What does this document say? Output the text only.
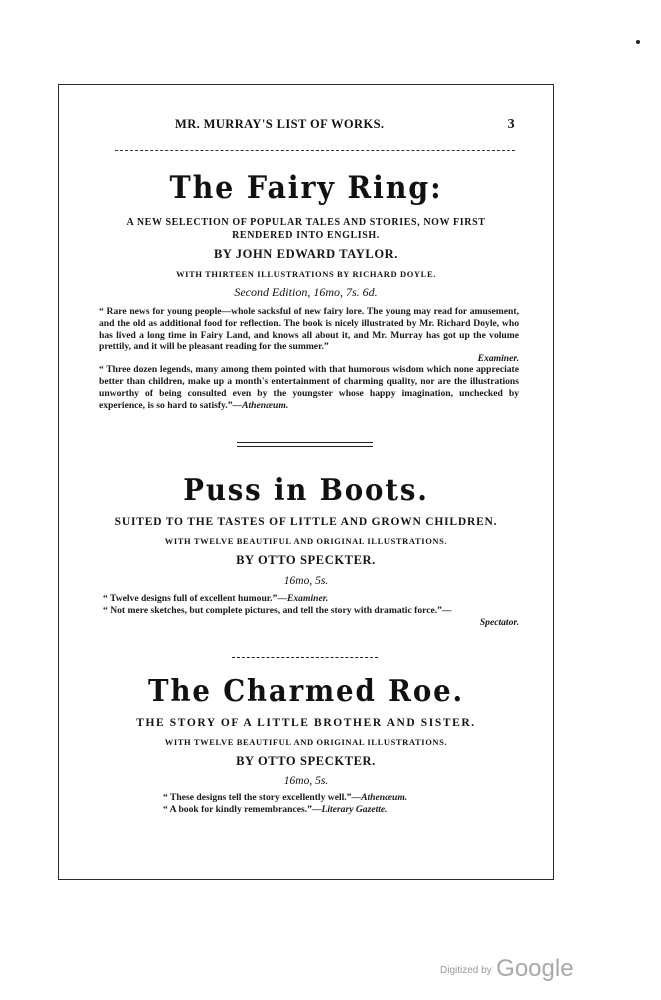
MR. MURRAY'S LIST OF WORKS.	3
The Fairy Ring:
A NEW SELECTION OF POPULAR TALES AND STORIES, NOW FIRST
RENDERED INTO ENGLISH.
BY JOHN EDWARD TAYLOR.
WITH THIRTEEN ILLUSTRATIONS BY RICHARD DOYLE.
Second Edition, 16mo, 7s. 6d.
“ Rare news for young people—whole sacksful of new fairy lore. The young may read for amusement, and the old as additional food for reflection. The book is nicely illustrated by Mr. Richard Doyle, who has lived a long time in Fairy Land, and knows all about it, and Mr. Murray has got up the volume prettily, and it will be pleasant reading for the summer.”
Examiner.
“ Three dozen legends, many among them pointed with that humorous wisdom which none appreciate better than children, make up a month's entertainment of charming quality, nor are the illustrations unworthy of being consulted even by the youngster whose happy imagination, unchecked by experience, is so hard to satisfy.”—Athenæum.
Puss in Boots.
SUITED TO THE TASTES OF LITTLE AND GROWN CHILDREN.
WITH TWELVE BEAUTIFUL AND ORIGINAL ILLUSTRATIONS.
BY OTTO SPECKTER.
16mo, 5s.
“ Twelve designs full of excellent humour.”—Examiner.
“ Not mere sketches, but complete pictures, and tell the story with dramatic force.”—
Spectator.
The Charmed Roe.
THE STORY OF A LITTLE BROTHER AND SISTER.
WITH TWELVE BEAUTIFUL AND ORIGINAL ILLUSTRATIONS.
BY OTTO SPECKTER.
16mo, 5s.
“ These designs tell the story excellently well.”—Athenæum.
“ A book for kindly remembrances.”—Literary Gazette.
Digitized by Google
